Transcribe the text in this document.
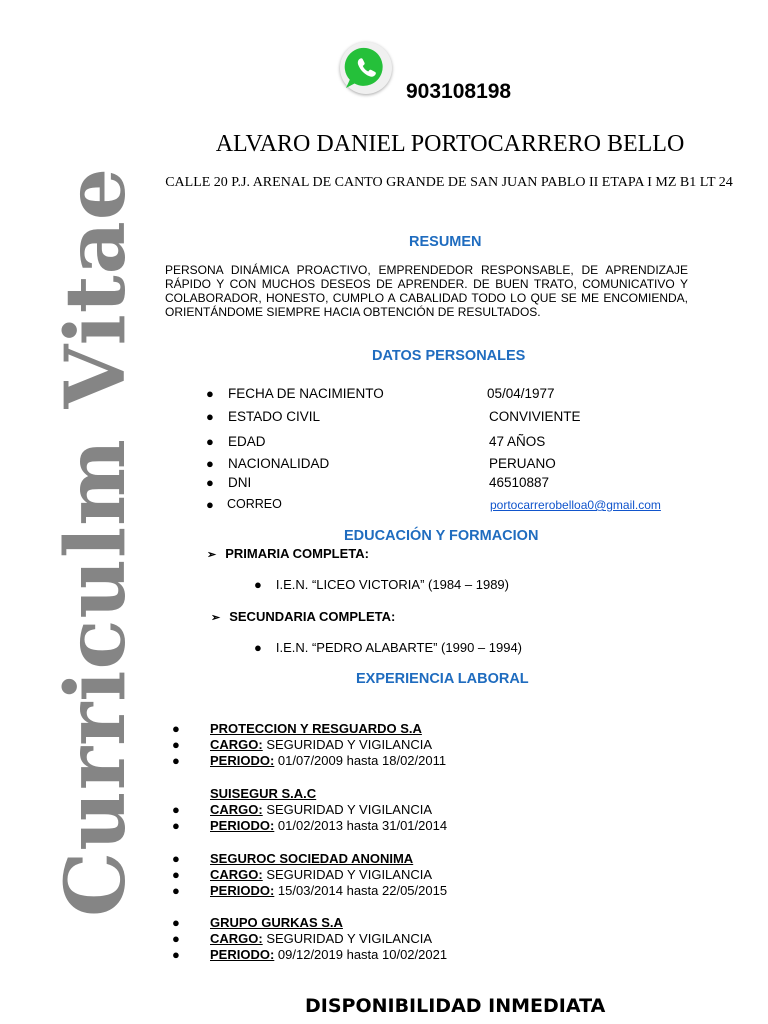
Curriculm Vitae
903108198
ALVARO DANIEL PORTOCARRERO BELLO
CALLE 20 P.J. ARENAL DE CANTO GRANDE DE SAN JUAN PABLO II ETAPA I MZ B1 LT 24
RESUMEN
PERSONA DINÁMICA PROACTIVO, EMPRENDEDOR RESPONSABLE, DE APRENDIZAJE RÁPIDO Y CON MUCHOS DESEOS DE APRENDER. DE BUEN TRATO, COMUNICATIVO Y COLABORADOR, HONESTO, CUMPLO A CABALIDAD TODO LO QUE SE ME ENCOMIENDA, ORIENTÁNDOME SIEMPRE HACIA OBTENCIÓN DE RESULTADOS.
DATOS PERSONALES
● FECHA DE NACIMIENTO	05/04/1977
● ESTADO CIVIL	CONVIVIENTE
● EDAD	47 AÑOS
● NACIONALIDAD	PERUANO
● DNI	46510887
● CORREO	portocarrerobelloa0@gmail.com
EDUCACIÓN Y FORMACION
➢ PRIMARIA COMPLETA:
● I.E.N. “LICEO VICTORIA” (1984 – 1989)
➢ SECUNDARIA COMPLETA:
● I.E.N. “PEDRO ALABARTE” (1990 – 1994)
EXPERIENCIA LABORAL
● PROTECCION Y RESGUARDO S.A
● CARGO: SEGURIDAD Y VIGILANCIA
● PERIODO: 01/07/2009 hasta 18/02/2011
SUISEGUR S.A.C
● CARGO: SEGURIDAD Y VIGILANCIA
● PERIODO: 01/02/2013 hasta 31/01/2014
● SEGUROC SOCIEDAD ANONIMA
● CARGO: SEGURIDAD Y VIGILANCIA
● PERIODO: 15/03/2014 hasta 22/05/2015
● GRUPO GURKAS S.A
● CARGO: SEGURIDAD Y VIGILANCIA
● PERIODO: 09/12/2019 hasta 10/02/2021
DISPONIBILIDAD INMEDIATA
